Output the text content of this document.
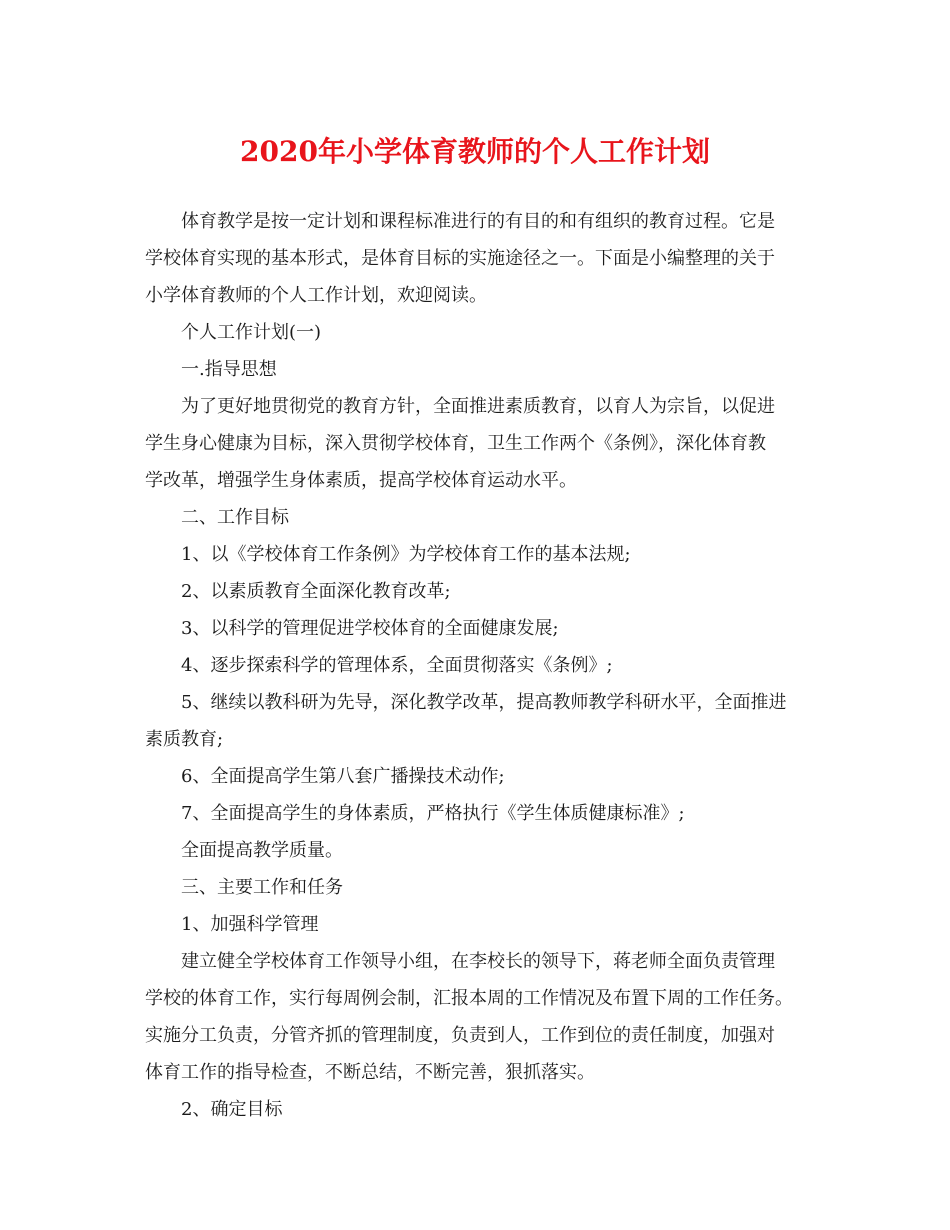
2020年小学体育教师的个人工作计划
体育教学是按一定计划和课程标准进行的有目的和有组织的教育过程。它是
学校体育实现的基本形式，是体育目标的实施途径之一。下面是小编整理的关于
小学体育教师的个人工作计划，欢迎阅读。
个人工作计划(一)
一.指导思想
为了更好地贯彻党的教育方针，全面推进素质教育，以育人为宗旨，以促进
学生身心健康为目标，深入贯彻学校体育，卫生工作两个《条例》，深化体育教
学改革，增强学生身体素质，提高学校体育运动水平。
二、工作目标
1、以《学校体育工作条例》为学校体育工作的基本法规;
2、以素质教育全面深化教育改革;
3、以科学的管理促进学校体育的全面健康发展;
4、逐步探索科学的管理体系，全面贯彻落实《条例》;
5、继续以教科研为先导，深化教学改革，提高教师教学科研水平，全面推进
素质教育;
6、全面提高学生第八套广播操技术动作;
7、全面提高学生的身体素质，严格执行《学生体质健康标准》;
全面提高教学质量。
三、主要工作和任务
1、加强科学管理
建立健全学校体育工作领导小组，在李校长的领导下，蒋老师全面负责管理
学校的体育工作，实行每周例会制，汇报本周的工作情况及布置下周的工作任务。
实施分工负责，分管齐抓的管理制度，负责到人，工作到位的责任制度，加强对
体育工作的指导检查，不断总结，不断完善，狠抓落实。
2、确定目标
